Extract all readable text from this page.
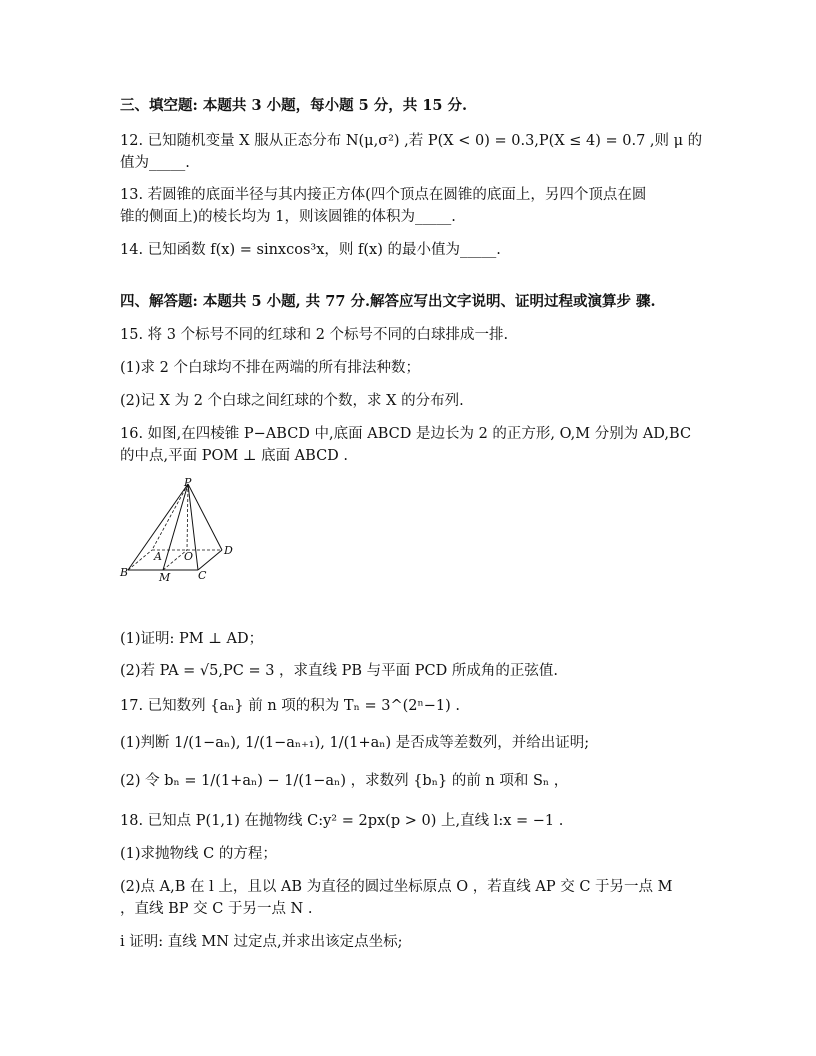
三、填空题: 本题共 3 小题，每小题 5 分，共 15 分.
12. 已知随机变量 X 服从正态分布 N(μ,σ²) ,若 P(X < 0) = 0.3,P(X ≤ 4) = 0.7 ,则 μ 的
值为_____.
13. 若圆锥的底面半径与其内接正方体(四个顶点在圆锥的底面上，另四个顶点在圆
锥的侧面上)的棱长均为 1，则该圆锥的体积为_____.
14. 已知函数 f(x) = sinxcos³x，则 f(x) 的最小值为_____.
四、解答题: 本题共 5 小题, 共 77 分.解答应写出文字说明、证明过程或演算步 骤.
15. 将 3 个标号不同的红球和 2 个标号不同的白球排成一排.
(1)求 2 个白球均不排在两端的所有排法种数；
(2)记 X 为 2 个白球之间红球的个数，求 X 的分布列.
16. 如图,在四棱锥 P−ABCD 中,底面 ABCD 是边长为 2 的正方形, O,M 分别为 AD,BC
的中点,平面 POM ⊥ 底面 ABCD .
P
A O	D
B	M	C
(1)证明: PM ⊥ AD；
(2)若 PA = √5,PC = 3 ，求直线 PB 与平面 PCD 所成角的正弦值.
17. 已知数列 {aₙ} 前 n 项的积为 Tₙ = 3^(2ⁿ−1) .
(1)判断 1/(1−aₙ), 1/(1−aₙ₊₁), 1/(1+aₙ) 是否成等差数列，并给出证明;
(2) 令 bₙ = 1/(1+aₙ) − 1/(1−aₙ) ，求数列 {bₙ} 的前 n 项和 Sₙ ，
18. 已知点 P(1,1) 在抛物线 C:y² = 2px(p > 0) 上,直线 l:x = −1 .
(1)求抛物线 C 的方程；
(2)点 A,B 在 l 上，且以 AB 为直径的圆过坐标原点 O ，若直线 AP 交 C 于另一点 M
，直线 BP 交 C 于另一点 N .
ⅰ 证明: 直线 MN 过定点,并求出该定点坐标;
